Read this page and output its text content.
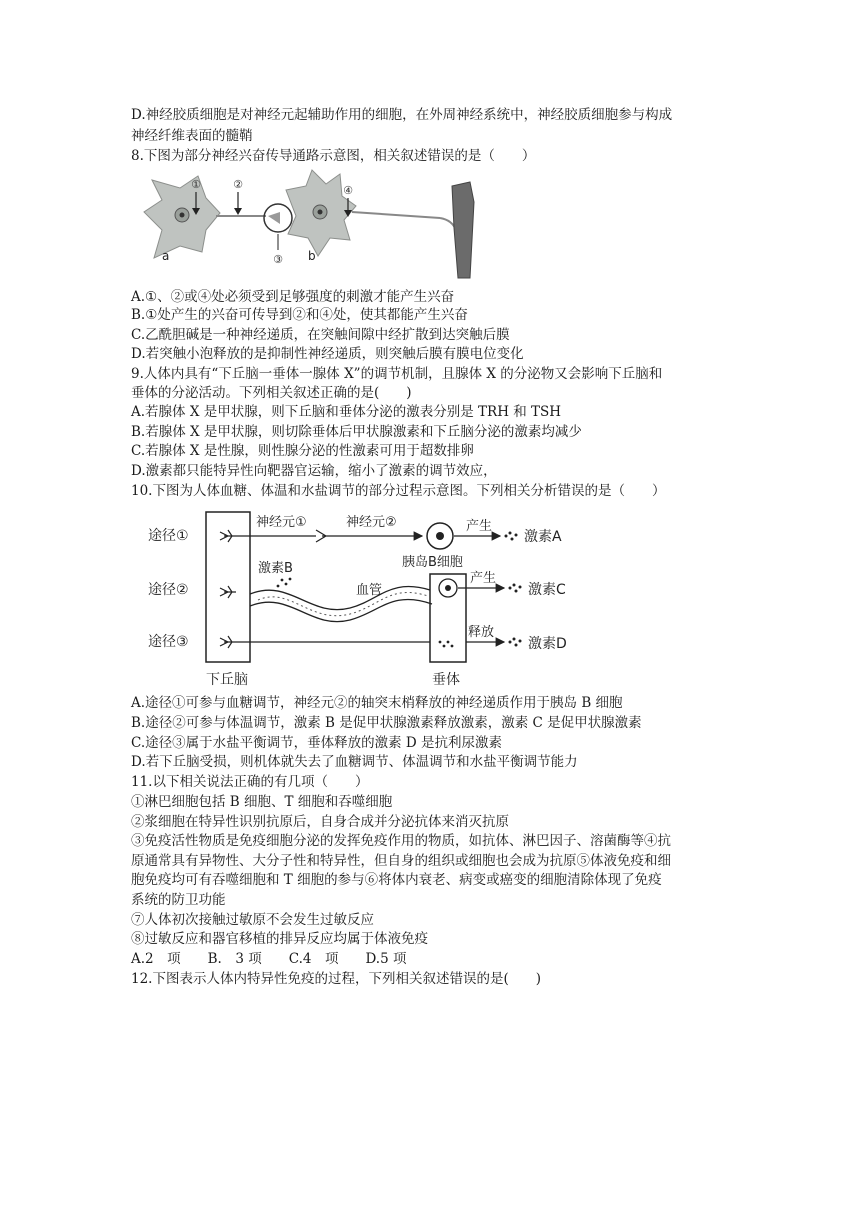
D.神经胶质细胞是对神经元起辅助作用的细胞，在外周神经系统中，神经胶质细胞参与构成
神经纤维表面的髓鞘
8.下图为部分神经兴奋传导通路示意图，相关叙述错误的是（　　）
①	②
③
④
a	b
A.①、②或④处必须受到足够强度的刺激才能产生兴奋
B.①处产生的兴奋可传导到②和④处，使其都能产生兴奋
C.乙酰胆碱是一种神经递质，在突触间隙中经扩散到达突触后膜
D.若突触小泡释放的是抑制性神经递质，则突触后膜有膜电位变化
9.人体内具有“下丘脑一垂体一腺体 X”的调节机制，且腺体 X 的分泌物又会影响下丘脑和
垂体的分泌活动。下列相关叙述正确的是(　　)
A.若腺体 X 是甲状腺，则下丘脑和垂体分泌的激表分别是 TRH 和 TSH
B.若腺体 X 是甲状腺，则切除垂体后甲状腺激素和下丘脑分泌的激素均减少
C.若腺体 X 是性腺，则性腺分泌的性激素可用于超数排卵
D.激素都只能特异性向靶器官运输，缩小了激素的调节效应，
10.下图为人体血糖、体温和水盐调节的部分过程示意图。下列相关分析错误的是（　　）
途径①
途径②
途径③
神经元①	神经元②
胰岛B细胞
产生
激素A
激素B
血管
产生
激素C
释放
激素D
下丘脑	垂体
A.途径①可参与血糖调节，神经元②的轴突末梢释放的神经递质作用于胰岛 B 细胞
B.途径②可参与体温调节，激素 B 是促甲状腺激素释放激素，激素 C 是促甲状腺激素
C.途径③属于水盐平衡调节，垂体释放的激素 D 是抗利尿激素
D.若下丘脑受损，则机体就失去了血糖调节、体温调节和水盐平衡调节能力
11.以下相关说法正确的有几项（　　）
①淋巴细胞包括 B 细胞、T 细胞和吞噬细胞
②浆细胞在特异性识别抗原后，自身合成并分泌抗体来消灭抗原
③免疫活性物质是免疫细胞分泌的发挥免疫作用的物质，如抗体、淋巴因子、溶菌酶等④抗
原通常具有异物性、大分子性和特异性，但自身的组织或细胞也会成为抗原⑤体液免疫和细
胞免疫均可有吞噬细胞和 T 细胞的参与⑥将体内衰老、病变或癌变的细胞清除体现了免疫
系统的防卫功能
⑦人体初次接触过敏原不会发生过敏反应
⑧过敏反应和器官移植的排异反应均属于体液免疫
A.2　项　　B.　3 项　　C.4　项　　D.5 项
12.下图表示人体内特异性免疫的过程，下列相关叙述错误的是(　　)
